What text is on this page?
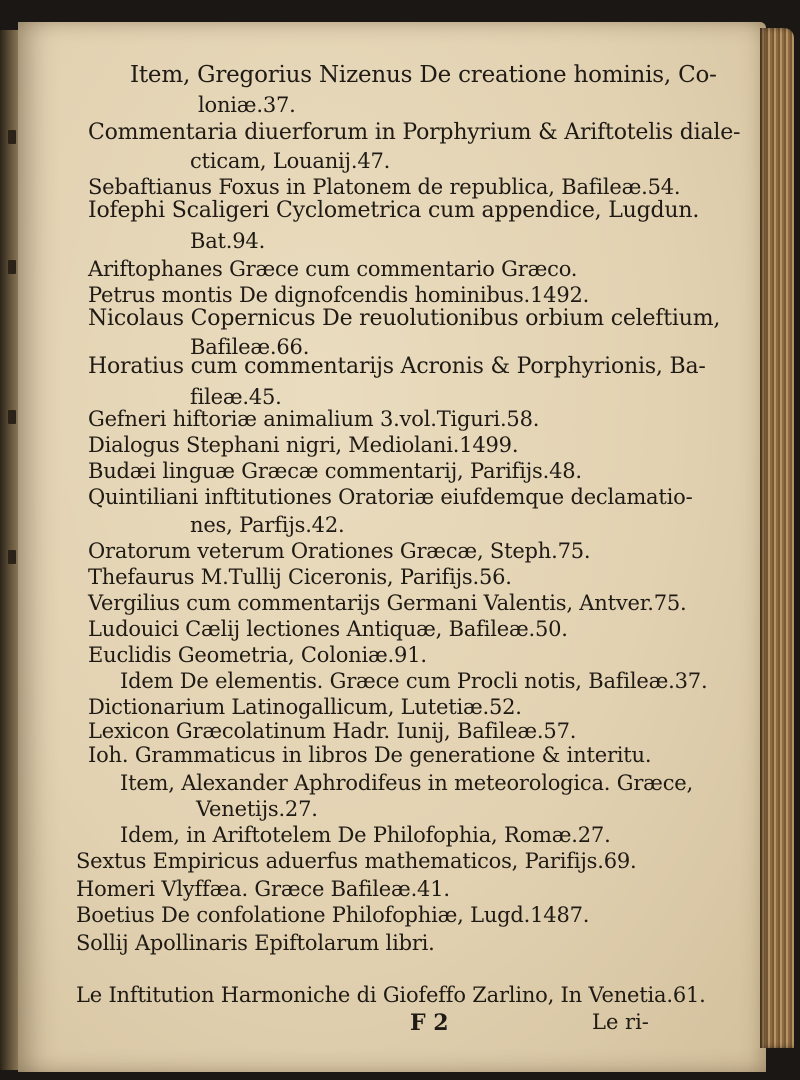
Item, Gregorius Nizenus De creatione hominis, Co-
loniæ.37.
Commentaria diuerforum in Porphyrium & Ariftotelis diale-
cticam, Louanij.47.
Sebaftianus Foxus in Platonem de republica, Bafileæ.54.
Iofephi Scaligeri Cyclometrica cum appendice, Lugdun.
Bat.94.
Ariftophanes Græce cum commentario Græco.
Petrus montis De dignofcendis hominibus.1492.
Nicolaus Copernicus De reuolutionibus orbium celeftium,
Bafileæ.66.
Horatius cum commentarijs Acronis & Porphyrionis, Ba-
fileæ.45.
Gefneri hiftoriæ animalium 3.vol.Tiguri.58.
Dialogus Stephani nigri, Mediolani.1499.
Budæi linguæ Græcæ commentarij, Parifijs.48.
Quintiliani inftitutiones Oratoriæ eiufdemque declamatio-
nes, Parfijs.42.
Oratorum veterum Orationes Græcæ, Steph.75.
Thefaurus M.Tullij Ciceronis, Parifijs.56.
Vergilius cum commentarijs Germani Valentis, Antver.75.
Ludouici Cælij lectiones Antiquæ, Bafileæ.50.
Euclidis Geometria, Coloniæ.91.
Idem De elementis. Græce cum Procli notis, Bafileæ.37.
Dictionarium Latinogallicum, Lutetiæ.52.
Lexicon Græcolatinum Hadr. Iunij, Bafileæ.57.
Ioh. Grammaticus in libros De generatione & interitu.
Item, Alexander Aphrodifeus in meteorologica. Græce,
Venetijs.27.
Idem, in Ariftotelem De Philofophia, Romæ.27.
Sextus Empiricus aduerfus mathematicos, Parifijs.69.
Homeri Vlyffæa. Græce Bafileæ.41.
Boetius De confolatione Philofophiæ, Lugd.1487.
Sollij Apollinaris Epiftolarum libri.
Le Inftitution Harmoniche di Giofeffo Zarlino, In Venetia.61.
F 2	Le ri-
